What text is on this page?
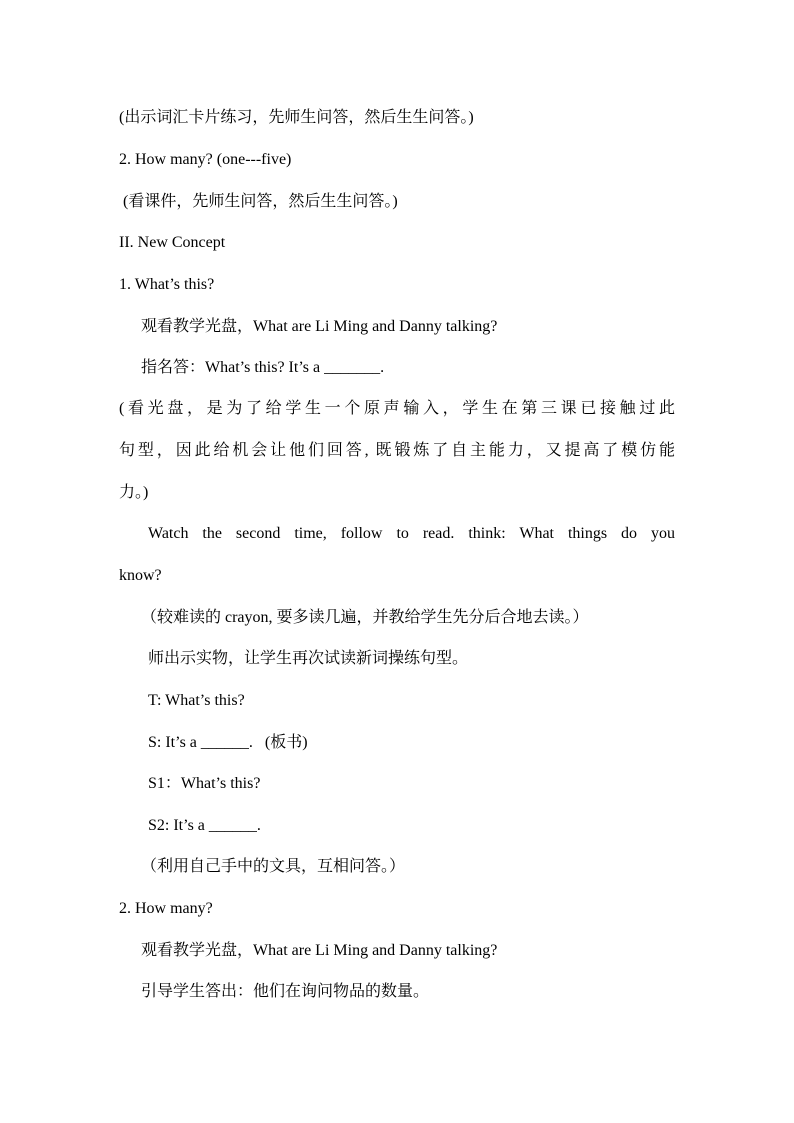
(出示词汇卡片练习，先师生问答，然后生生问答。)
2. How many? (one---five)
(看课件，先师生问答，然后生生问答。)
II. New Concept
1. What’s this?
观看教学光盘，What are Li Ming and Danny talking?
指名答：What’s this? It’s a _______.
(看光盘，是为了给学生一个原声输入，学生在第三课已接触过此
句型，因此给机会让他们回答, 既锻炼了自主能力，又提高了模仿能
力。)
Watch the second time, follow to read. think: What things do you
know?
（较难读的 crayon, 要多读几遍，并教给学生先分后合地去读。）
师出示实物，让学生再次试读新词操练句型。
T: What’s this?
S: It’s a ______.   (板书)
S1：What’s this?
S2: It’s a ______.
（利用自己手中的文具，互相问答。）
2. How many?
观看教学光盘，What are Li Ming and Danny talking?
引导学生答出：他们在询问物品的数量。
